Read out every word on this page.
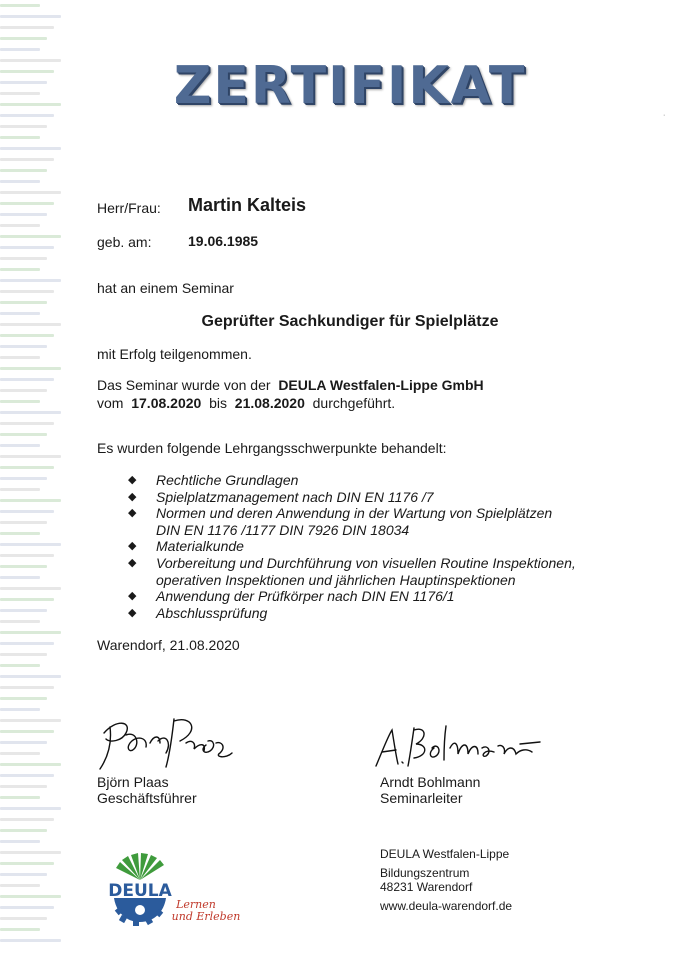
ZERTIFIKAT	·
Herr/Frau: Martin Kalteis
geb. am:	19.06.1985
hat an einem Seminar
Geprüfter Sachkundiger für Spielplätze
mit Erfolg teilgenommen.
Das Seminar wurde von der DEULA Westfalen-Lippe GmbH
vom 17.08.2020 bis 21.08.2020 durchgeführt.
Es wurden folgende Lehrgangsschwerpunkte behandelt:
◆ Rechtliche Grundlagen
◆ Spielplatzmanagement nach DIN EN 1176 /7
◆ Normen und deren Anwendung in der Wartung von Spielplätzen
DIN EN 1176 /1177 DIN 7926 DIN 18034
◆ Materialkunde
◆ Vorbereitung und Durchführung von visuellen Routine Inspektionen,
operativen Inspektionen und jährlichen Hauptinspektionen
◆ Anwendung der Prüfkörper nach DIN EN 1176/1
◆ Abschlussprüfung
Warendorf, 21.08.2020
Björn Plaas
Geschäftsführer
Arndt Bohlmann
Seminarleiter
DEULA Westfalen-Lippe
Bildungszentrum
48231 Warendorf
www.deula-warendorf.de
DEULA
Lernen
und Erleben
